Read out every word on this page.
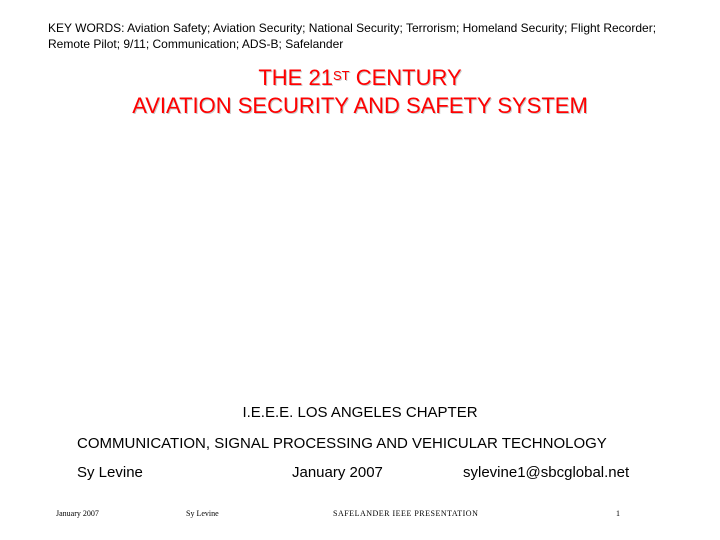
KEY WORDS: Aviation Safety; Aviation Security; National Security; Terrorism; Homeland Security; Flight Recorder; Remote Pilot; 9/11; Communication; ADS-B; Safelander
THE 21ST CENTURY
AVIATION SECURITY AND SAFETY SYSTEM
I.E.E.E. LOS ANGELES CHAPTER
COMMUNICATION, SIGNAL PROCESSING AND VEHICULAR TECHNOLOGY
Sy Levine	January 2007	sylevine1@sbcglobal.net
January 2007	Sy Levine	SAFELANDER IEEE PRESENTATION	1
